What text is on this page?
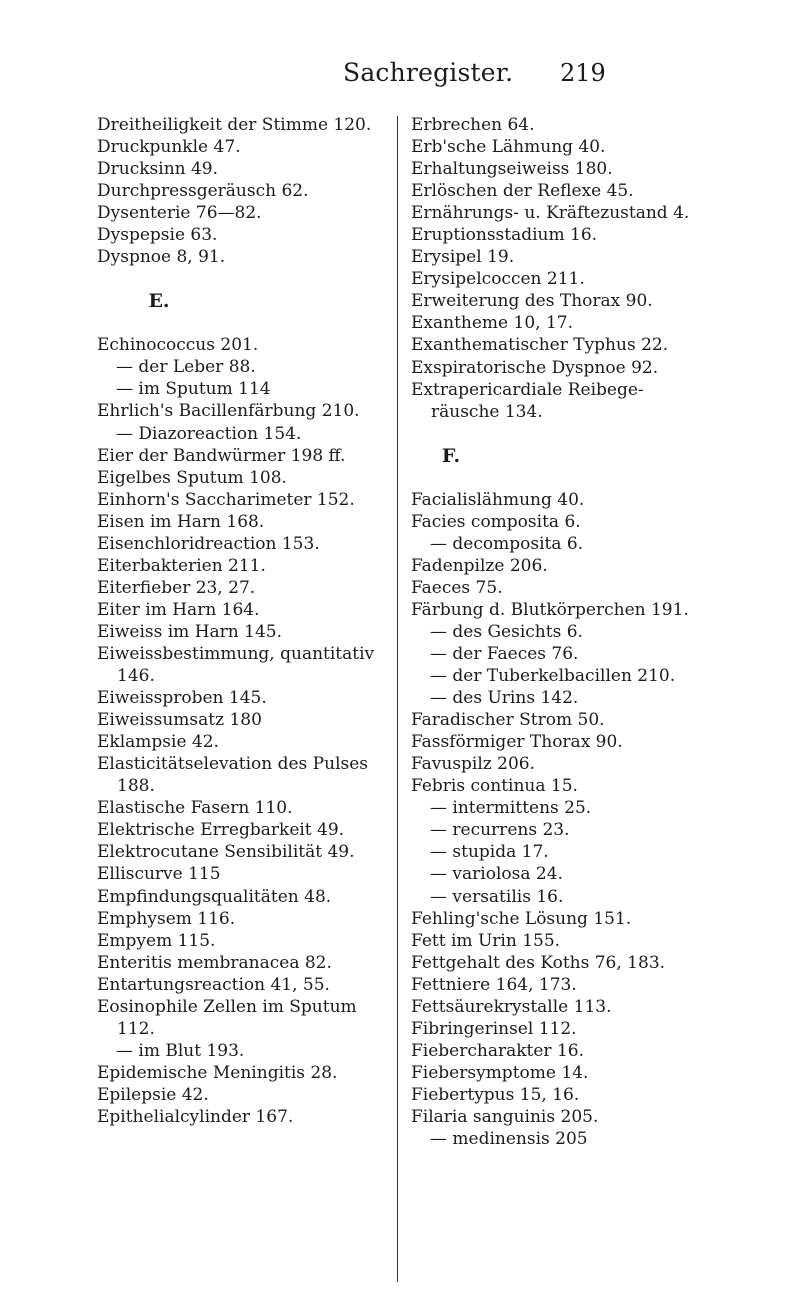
Sachregister. 219
Dreitheiligkeit der Stimme 120.
Druckpunkle 47.
Drucksinn 49.
Durchpressgeräusch 62.
Dysenterie 76—82.
Dyspepsie 63.
Dyspnoe 8, 91.
E.
Echinococcus 201.
— der Leber 88.
— im Sputum 114
Ehrlich's Bacillenfärbung 210.
— Diazoreaction 154.
Eier der Bandwürmer 198 ff.
Eigelbes Sputum 108.
Einhorn's Saccharimeter 152.
Eisen im Harn 168.
Eisenchloridreaction 153.
Eiterbakterien 211.
Eiterfieber 23, 27.
Eiter im Harn 164.
Eiweiss im Harn 145.
Eiweissbestimmung, quantitativ
146.
Eiweissproben 145.
Eiweissumsatz 180
Eklampsie 42.
Elasticitätselevation des Pulses
188.
Elastische Fasern 110.
Elektrische Erregbarkeit 49.
Elektrocutane Sensibilität 49.
Elliscurve 115
Empfindungsqualitäten 48.
Emphysem 116.
Empyem 115.
Enteritis membranacea 82.
Entartungsreaction 41, 55.
Eosinophile Zellen im Sputum
112.
— im Blut 193.
Epidemische Meningitis 28.
Epilepsie 42.
Epithelialcylinder 167.
Erbrechen 64.
Erb'sche Lähmung 40.
Erhaltungseiweiss 180.
Erlöschen der Reflexe 45.
Ernährungs- u. Kräftezustand 4.
Eruptionsstadium 16.
Erysipel 19.
Erysipelcoccen 211.
Erweiterung des Thorax 90.
Exantheme 10, 17.
Exanthematischer Typhus 22.
Exspiratorische Dyspnoe 92.
Extrapericardiale Reibege-
räusche 134.
F.
Facialislähmung 40.
Facies composita 6.
— decomposita 6.
Fadenpilze 206.
Faeces 75.
Färbung d. Blutkörperchen 191.
— des Gesichts 6.
— der Faeces 76.
— der Tuberkelbacillen 210.
— des Urins 142.
Faradischer Strom 50.
Fassförmiger Thorax 90.
Favuspilz 206.
Febris continua 15.
— intermittens 25.
— recurrens 23.
— stupida 17.
— variolosa 24.
— versatilis 16.
Fehling'sche Lösung 151.
Fett im Urin 155.
Fettgehalt des Koths 76, 183.
Fettniere 164, 173.
Fettsäurekrystalle 113.
Fibringerinsel 112.
Fiebercharakter 16.
Fiebersymptome 14.
Fiebertypus 15, 16.
Filaria sanguinis 205.
— medinensis 205
